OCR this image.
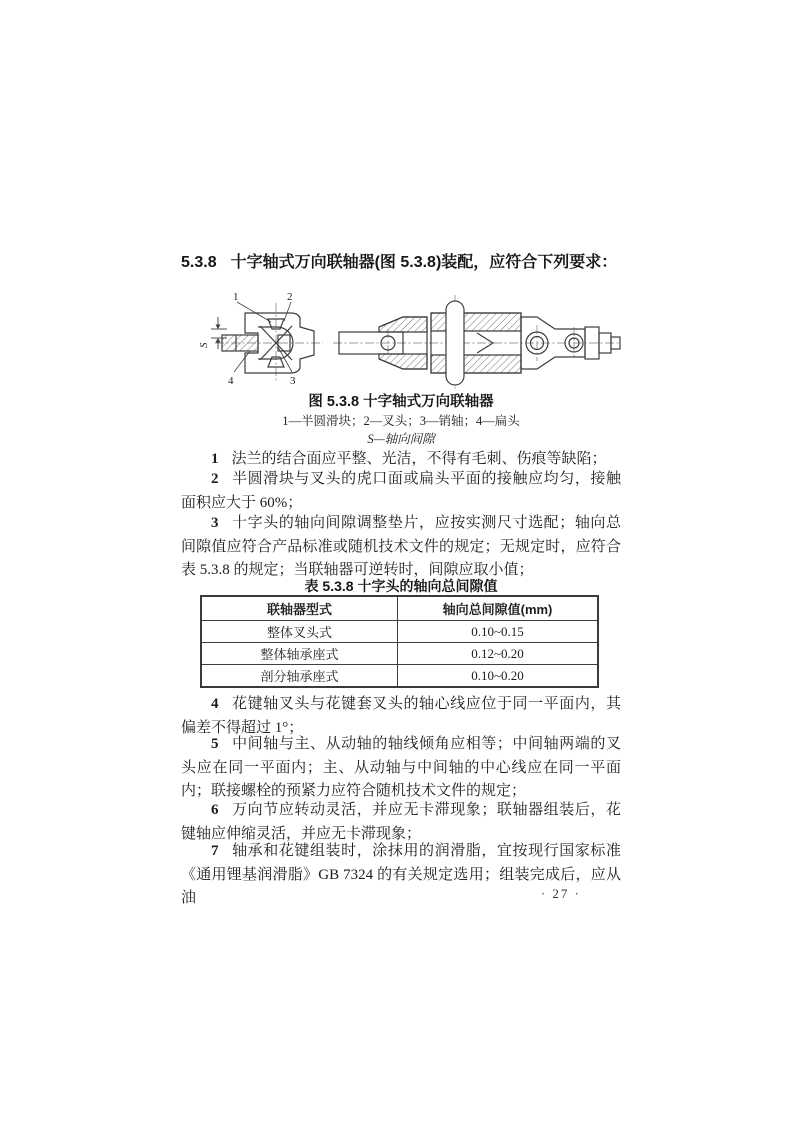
5.3.8 十字轴式万向联轴器(图 5.3.8)装配，应符合下列要求：

1	2
3
4
S

图 5.3.8 十字轴式万向联轴器

1—半圆滑块；2—叉头；3—销轴；4—扁头

S—轴向间隙

1 法兰的结合面应平整、光洁，不得有毛刺、伤痕等缺陷；

2 半圆滑块与叉头的虎口面或扁头平面的接触应均匀，接触面积应大于 60%；

3 十字头的轴向间隙调整垫片，应按实测尺寸选配；轴向总间隙值应符合产品标准或随机技术文件的规定；无规定时，应符合表 5.3.8 的规定；当联轴器可逆转时，间隙应取小值；

表 5.3.8 十字头的轴向总间隙值

联轴器型式	轴向总间隙值(mm)
整体叉头式	0.10~0.15
整体轴承座式	0.12~0.20
剖分轴承座式	0.10~0.20

4 花键轴叉头与花键套叉头的轴心线应位于同一平面内，其偏差不得超过 1°；

5 中间轴与主、从动轴的轴线倾角应相等；中间轴两端的叉头应在同一平面内；主、从动轴与中间轴的中心线应在同一平面内；联接螺栓的预紧力应符合随机技术文件的规定；

6 万向节应转动灵活，并应无卡滞现象；联轴器组装后，花键轴应伸缩灵活，并应无卡滞现象；

7 轴承和花键组装时，涂抹用的润滑脂，宜按现行国家标准《通用锂基润滑脂》GB 7324 的有关规定选用；组装完成后，应从油	· 27 ·
